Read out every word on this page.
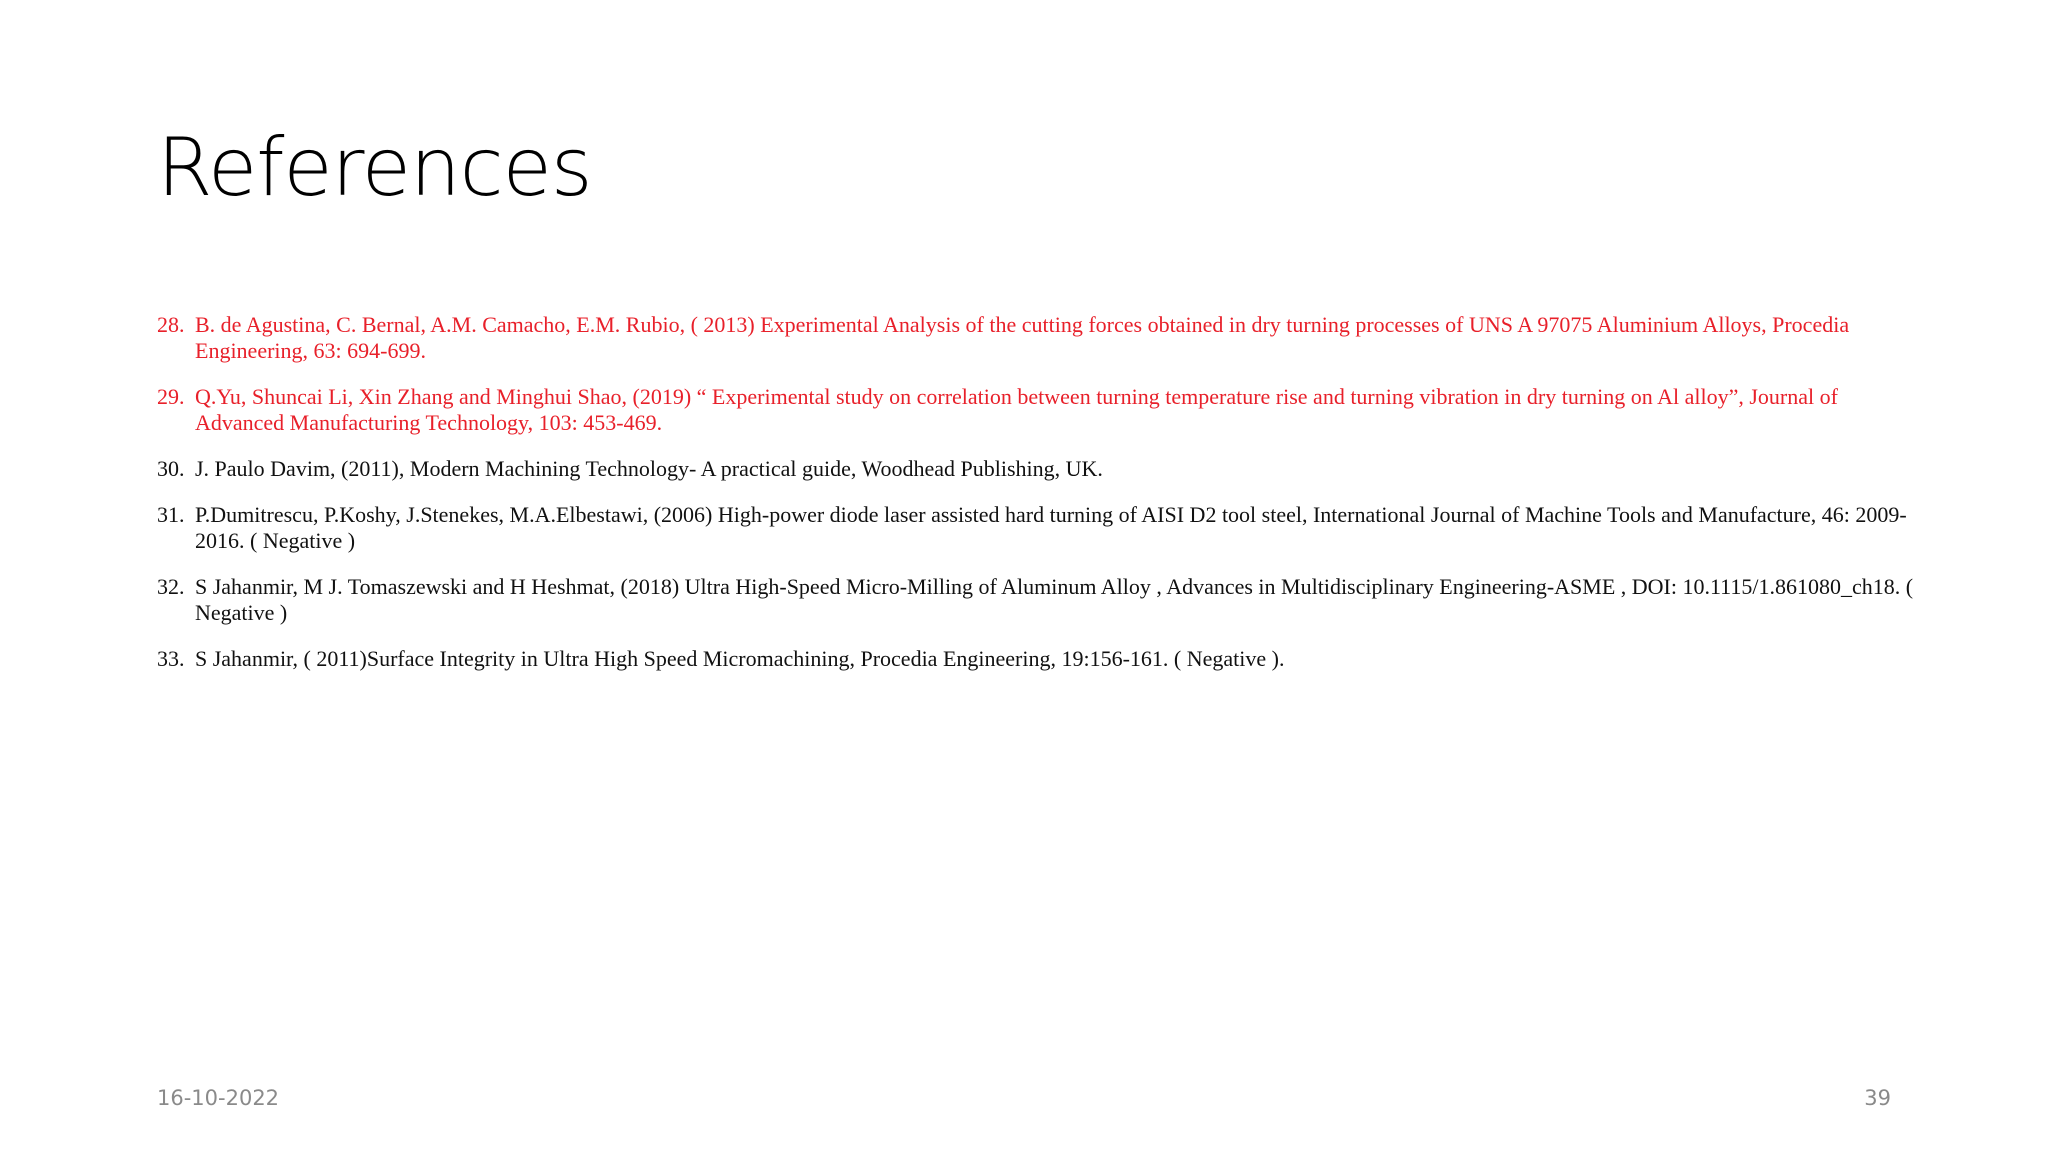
References
28. B. de Agustina, C. Bernal, A.M. Camacho, E.M. Rubio, ( 2013) Experimental Analysis of the cutting forces obtained in dry turning processes of UNS A 97075 Aluminium Alloys, Procedia Engineering, 63: 694-699.
29. Q.Yu, Shuncai Li, Xin Zhang and Minghui Shao, (2019) “ Experimental study on correlation between turning temperature rise and turning vibration in dry turning on Al alloy”, Journal of Advanced Manufacturing Technology, 103: 453-469.
30. J. Paulo Davim, (2011), Modern Machining Technology- A practical guide, Woodhead Publishing, UK.
31. P.Dumitrescu, P.Koshy, J.Stenekes, M.A.Elbestawi, (2006) High-power diode laser assisted hard turning of AISI D2 tool steel, International Journal of Machine Tools and Manufacture, 46: 2009-2016. ( Negative )
32. S Jahanmir, M J. Tomaszewski and H Heshmat, (2018) Ultra High-Speed Micro-Milling of Aluminum Alloy , Advances in Multidisciplinary Engineering-ASME , DOI: 10.1115/1.861080_ch18. ( Negative )
33. S Jahanmir, ( 2011)Surface Integrity in Ultra High Speed Micromachining, Procedia Engineering, 19:156-161. ( Negative ).
16-10-2022	39
